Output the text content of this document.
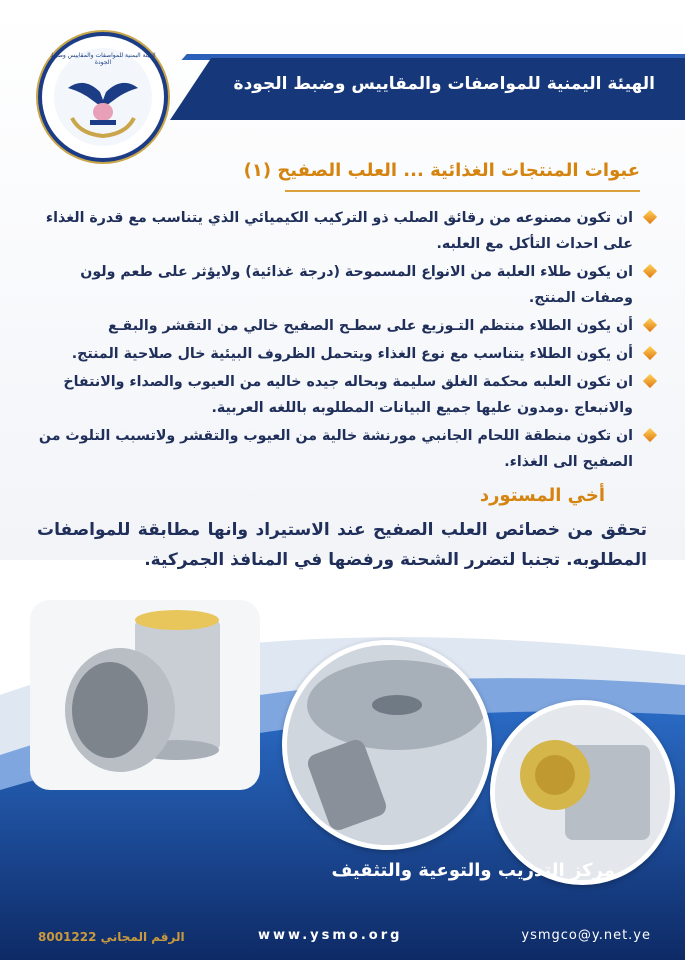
الهيئة اليمنية للمواصفات والمقاييس وضبط الجودة
الهيئة اليمنية للمواصفات والمقاييس وضبط الجودة
عبوات المنتجات الغذائية ... العلب الصفيح (١)
ان تكون مصنوعه من رقائق الصلب ذو التركيب الكيميائي الذي يتناسب مع قدرة الغذاء على احداث التأكل مع العلبه.
ان يكون طلاء العلبة من الانواع المسموحة (درجة غذائية) ولايؤثر على طعم ولون وصفات المنتج.
أن يكون الطلاء منتظم التـوزيع على سطـح الصفيح خالي من التقشر والبقـع
أن يكون الطلاء يتناسب مع نوع الغذاء ويتحمل الظروف البيئية خال صلاحية المنتج.
ان تكون العلبه محكمة الغلق سليمة وبحاله جيده خاليه من العيوب والصداء والانتفاخ والانبعاج .ومدون عليها جميع البيانات المطلوبه باللغه العربية.
ان تكون منطقة اللحام الجانبي مورنشة خالية من العيوب والتقشر ولاتسبب التلوث من الصفيح الى الغذاء.
أخي المستورد
تحقق من خصائص العلب الصفيح عند الاستيراد وانها مطابقة للمواصفات المطلوبه. تجنبا لتضرر الشحنة ورفضها في المنافذ الجمركية.
مركز التدريب والتوعية والتثقيف
الرقم المجاني 8001222	www.ysmo.org	ysmgco@y.net.ye
